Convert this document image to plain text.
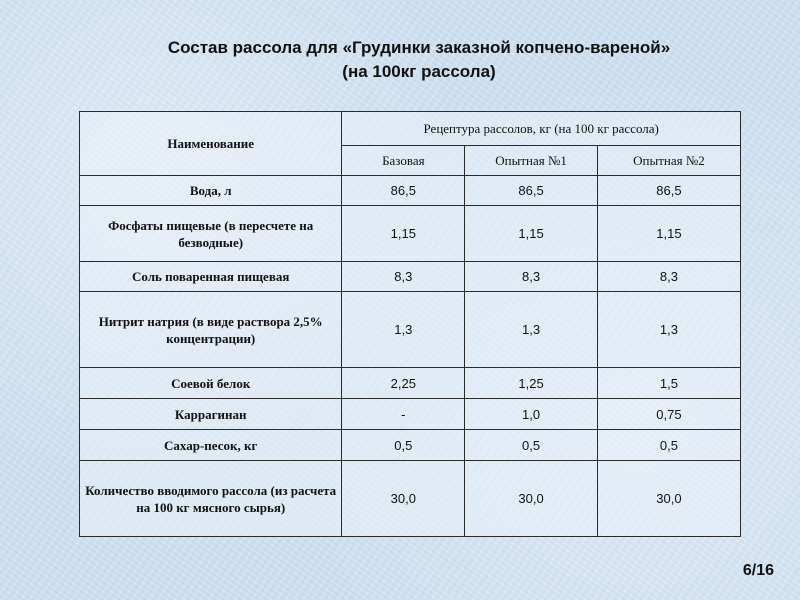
Состав рассола для «Грудинки заказной копчено-вареной»
(на 100кг рассола)
Наименование	Рецептура рассолов, кг (на 100 кг рассола)		
	Базовая	Опытная №1	Опытная №2
Вода, л	86,5	86,5	86,5
Фосфаты пищевые (в пересчете на безводные)	1,15	1,15	1,15
Соль поваренная пищевая	8,3	8,3	8,3
Нитрит натрия (в виде раствора 2,5% концентрации)	1,3	1,3	1,3
Соевой белок	2,25	1,25	1,5
Каррагинан	-	1,0	0,75
Сахар-песок, кг	0,5	0,5	0,5
Количество вводимого рассола (из расчета на 100 кг мясного сырья)	30,0	30,0	30,0
6/16
